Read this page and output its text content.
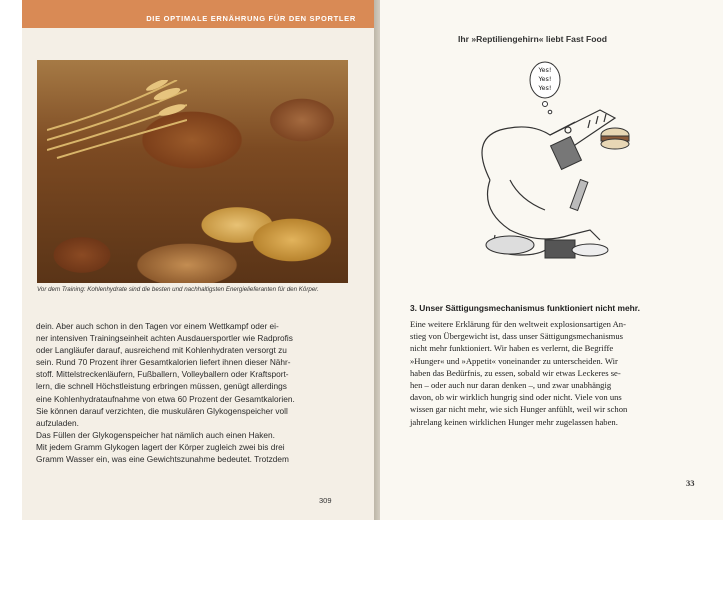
DIE OPTIMALE ERNÄHRUNG FÜR DEN SPORTLER
Vor dem Training: Kohlenhydrate sind die besten und nachhaltigsten Energielieferanten für den Körper.
dein. Aber auch schon in den Tagen vor einem Wettkampf oder ei-
ner intensiven Trainingseinheit achten Ausdauersportler wie Radprofis
oder Langläufer darauf, ausreichend mit Kohlenhydraten versorgt zu
sein. Rund 70 Prozent ihrer Gesamtkalorien liefert ihnen dieser Nähr-
stoff. Mittelstreckenläufern, Fußballern, Volleyballern oder Kraftsport-
lern, die schnell Höchstleistung erbringen müssen, genügt allerdings
eine Kohlenhydrataufnahme von etwa 60 Prozent der Gesamtkalorien.
Sie können darauf verzichten, die muskulären Glykogenspeicher voll
aufzuladen.
Das Füllen der Glykogenspeicher hat nämlich auch einen Haken.
Mit jedem Gramm Glykogen lagert der Körper zugleich zwei bis drei
Gramm Wasser ein, was eine Gewichtszunahme bedeutet. Trotzdem
309
Ihr »Reptiliengehirn« liebt Fast Food
Yes!
Yes!
Yes!
3. Unser Sättigungsmechanismus funktioniert nicht mehr.
Eine weitere Erklärung für den weltweit explosionsartigen An-
stieg von Übergewicht ist, dass unser Sättigungsmechanismus
nicht mehr funktioniert. Wir haben es verlernt, die Begriffe
»Hunger« und »Appetit« voneinander zu unterscheiden. Wir
haben das Bedürfnis, zu essen, sobald wir etwas Leckeres se-
hen – oder auch nur daran denken –, und zwar unabhängig
davon, ob wir wirklich hungrig sind oder nicht. Viele von uns
wissen gar nicht mehr, wie sich Hunger anfühlt, weil wir schon
jahrelang keinen wirklichen Hunger mehr zugelassen haben.
33
